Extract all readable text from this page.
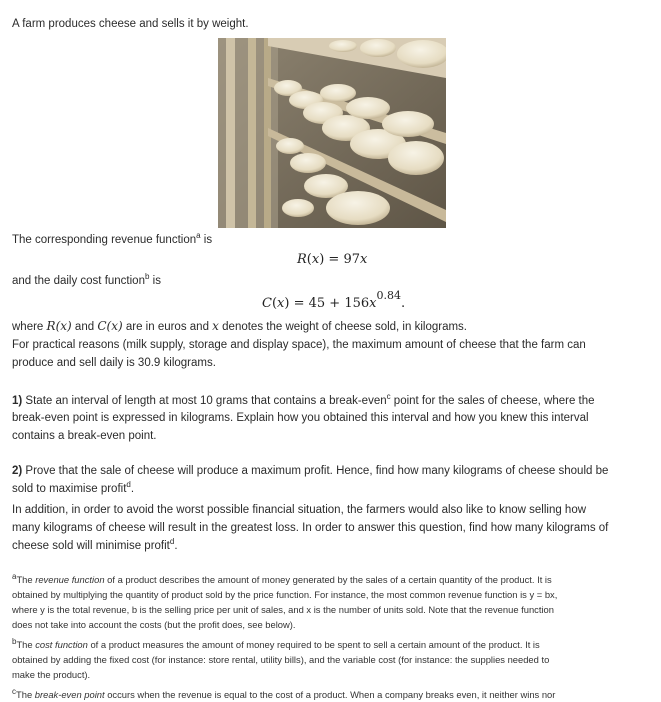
A farm produces cheese and sells it by weight.
The corresponding revenue function$^a$ is
R(x) = 97x
and the daily cost function$^b$ is
$C(x) = 45 + 156x^{0.84}$.
where R(x) and C(x) are in euros and x denotes the weight of cheese sold, in kilograms.
For practical reasons (milk supply, storage and display space), the maximum amount of cheese that the farm can
produce and sell daily is 30.9 kilograms.
1) State an interval of length at most 10 grams that contains a break-even$^c$ point for the sales of cheese, where the
break-even point is expressed in kilograms. Explain how you obtained this interval and how you knew this interval
contains a break-even point.
2) Prove that the sale of cheese will produce a maximum profit. Hence, find how many kilograms of cheese should be
sold to maximise profit$^d$.
In addition, in order to avoid the worst possible financial situation, the farmers would also like to know selling how
many kilograms of cheese will result in the greatest loss. In order to answer this question, find how many kilograms of
cheese sold will minimise profit$^d$.
$^a$The revenue function of a product describes the amount of money generated by the sales of a certain quantity of the product. It is
obtained by multiplying the quantity of product sold by the price function. For instance, the most common revenue function is y = bx,
where y is the total revenue, b is the selling price per unit of sales, and x is the number of units sold. Note that the revenue function
does not take into account the costs (but the profit does, see below).
$^b$The cost function of a product measures the amount of money required to be spent to sell a certain amount of the product. It is
obtained by adding the fixed cost (for instance: store rental, utility bills), and the variable cost (for instance: the supplies needed to
make the product).
$^c$The break-even point occurs when the revenue is equal to the cost of a product. When a company breaks even, it neither wins nor
